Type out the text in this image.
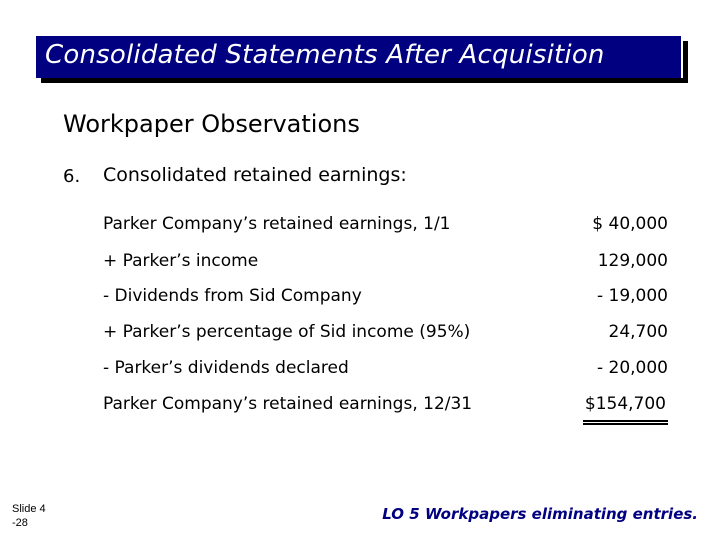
Consolidated Statements After Acquisition
Workpaper Observations
6. Consolidated retained earnings:
Parker Company’s retained earnings, 1/1	$ 40,000
+ Parker’s income	129,000
- Dividends from Sid Company	- 19,000
+ Parker’s percentage of Sid income (95%)	24,700
- Parker’s dividends declared	- 20,000
Parker Company’s retained earnings, 12/31	$154,700
Slide 4
-28	LO 5 Workpapers eliminating entries.
